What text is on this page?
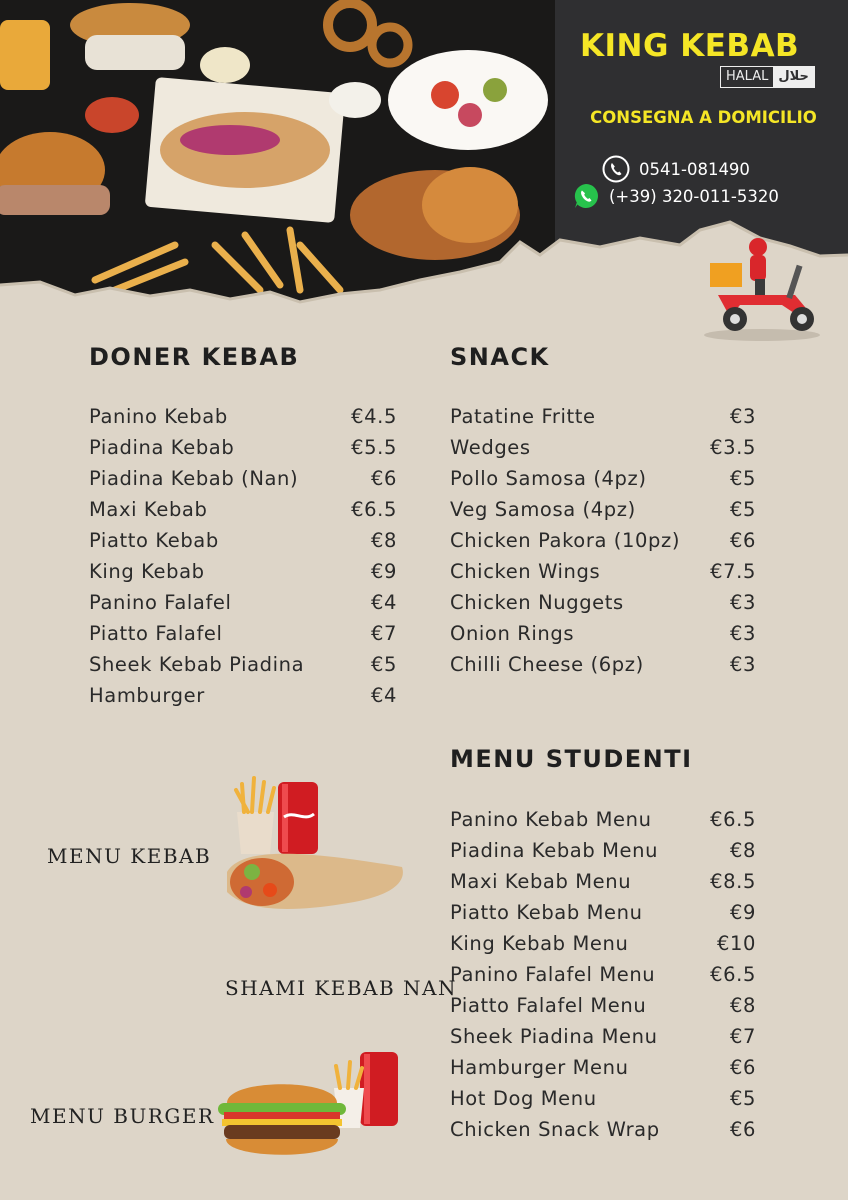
KING KEBAB
HALAL حلال
CONSEGNA A DOMICILIO
0541-081490
(+39) 320-011-5320
DONER KEBAB
Panino Kebab	€4.5
Piadina Kebab	€5.5
Piadina Kebab (Nan)	€6
Maxi Kebab	€6.5
Piatto Kebab	€8
King Kebab	€9
Panino Falafel	€4
Piatto Falafel	€7
Sheek Kebab Piadina	€5
Hamburger	€4
SNACK
Patatine Fritte	€3
Wedges	€3.5
Pollo Samosa (4pz)	€5
Veg Samosa (4pz)	€5
Chicken Pakora (10pz)	€6
Chicken Wings	€7.5
Chicken Nuggets	€3
Onion Rings	€3
Chilli Cheese (6pz)	€3
MENU STUDENTI
Panino Kebab Menu	€6.5
Piadina Kebab Menu	€8
Maxi Kebab Menu	€8.5
Piatto Kebab Menu	€9
King Kebab Menu	€10
Panino Falafel Menu	€6.5
Piatto Falafel Menu	€8
Sheek Piadina Menu	€7
Hamburger Menu	€6
Hot Dog Menu	€5
Chicken Snack Wrap	€6
MENU KEBAB
SHAMI KEBAB NAN
MENU BURGER
